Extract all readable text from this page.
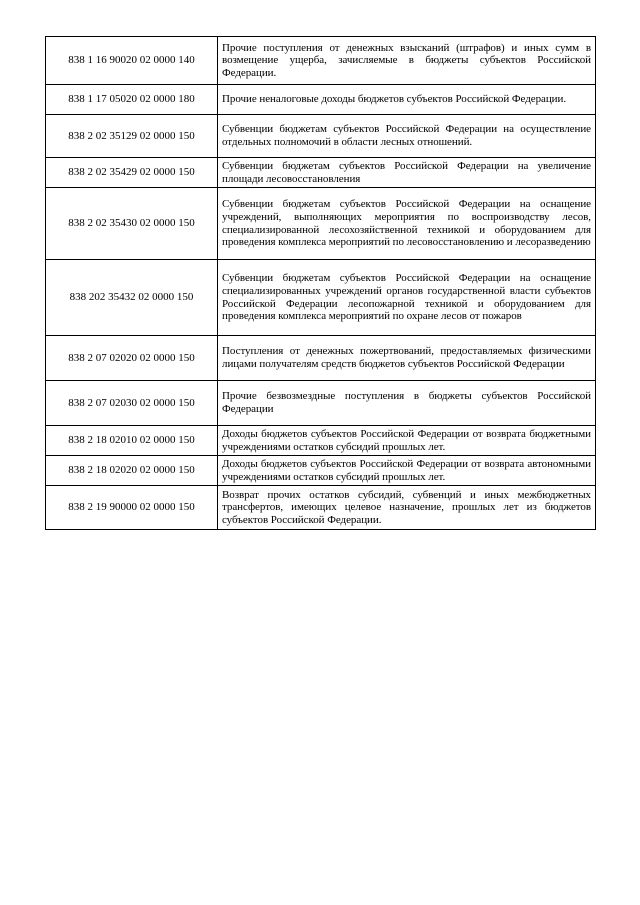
838 1 16 90020 02 0000 140	Прочие поступления от денежных взысканий (штрафов) и иных сумм в возмещение ущерба, зачисляемые в бюджеты субъектов Российской Федерации.
838 1 17 05020 02 0000 180	Прочие неналоговые доходы бюджетов субъектов Российской Федерации.
838 2 02 35129 02 0000 150	Субвенции бюджетам субъектов Российской Федерации на осуществление отдельных полномочий в области лесных отношений.
838 2 02 35429 02 0000 150	Субвенции бюджетам субъектов Российской Федерации на увеличение площади лесовосстановления
838 2 02 35430 02 0000 150	Субвенции бюджетам субъектов Российской Федерации на оснащение учреждений, выполняющих мероприятия по воспроизводству лесов, специализированной лесохозяйственной техникой и оборудованием для проведения комплекса мероприятий по лесовосстановлению и лесоразведению
838 202 35432 02 0000 150	Субвенции бюджетам субъектов Российской Федерации на оснащение специализированных учреждений органов государственной власти субъектов Российской Федерации лесопожарной техникой и оборудованием для проведения комплекса мероприятий по охране лесов от пожаров
838 2 07 02020 02 0000 150	Поступления от денежных пожертвований, предоставляемых физическими лицами получателям средств бюджетов субъектов Российской Федерации
838 2 07 02030 02 0000 150	Прочие безвозмездные поступления в бюджеты субъектов Российской Федерации
838 2 18 02010 02 0000 150	Доходы бюджетов субъектов Российской Федерации от возврата бюджетными учреждениями остатков субсидий прошлых лет.
838 2 18 02020 02 0000 150	Доходы бюджетов субъектов Российской Федерации от возврата автономными учреждениями остатков субсидий прошлых лет.
838 2 19 90000 02 0000 150	Возврат прочих остатков субсидий, субвенций и иных межбюджетных трансфертов, имеющих целевое назначение, прошлых лет из бюджетов субъектов Российской Федерации.
